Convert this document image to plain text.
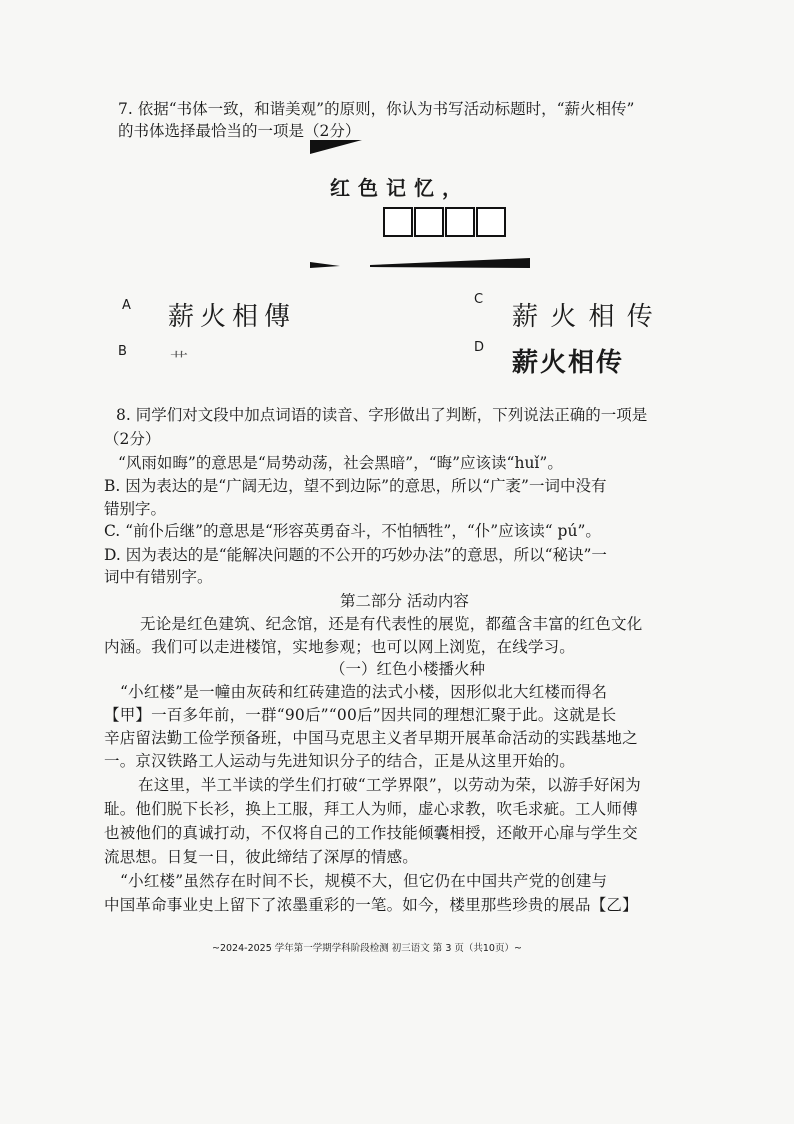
7. 依据“书体一致，和谐美观”的原则，你认为书写活动标题时，“薪火相传”
的书体选择最恰当的一项是（2分）
红色记忆，
A 薪火相傳
B 艹
C
薪 火 相 传
D
薪火相传
8. 同学们对文段中加点词语的读音、字形做出了判断，下列说法正确的一项是
（2分）
“风雨如晦”的意思是“局势动荡，社会黑暗”，“晦”应该读“huǐ”。
B. 因为表达的是“广阔无边，望不到边际”的意思，所以“广袤”一词中没有
错别字。
C. “前仆后继”的意思是“形容英勇奋斗，不怕牺牲”，“仆”应该读“ pú”。
D. 因为表达的是“能解决问题的不公开的巧妙办法”的意思，所以“秘诀”一
词中有错别字。
第二部分 活动内容
无论是红色建筑、纪念馆，还是有代表性的展览，都蕴含丰富的红色文化
内涵。我们可以走进楼馆，实地参观；也可以网上浏览，在线学习。
（一）红色小楼播火种
“小红楼”是一幢由灰砖和红砖建造的法式小楼，因形似北大红楼而得名
【甲】一百多年前，一群“90后”“00后”因共同的理想汇聚于此。这就是长
辛店留法勤工俭学预备班，中国马克思主义者早期开展革命活动的实践基地之
一。京汉铁路工人运动与先进知识分子的结合，正是从这里开始的。
在这里，半工半读的学生们打破“工学界限”，以劳动为荣，以游手好闲为
耻。他们脱下长衫，换上工服，拜工人为师，虚心求教，吹毛求疵。工人师傅
也被他们的真诚打动，不仅将自己的工作技能倾囊相授，还敞开心扉与学生交
流思想。日复一日，彼此缔结了深厚的情感。
“小红楼”虽然存在时间不长，规模不大，但它仍在中国共产党的创建与
中国革命事业史上留下了浓墨重彩的一笔。如今，楼里那些珍贵的展品【乙】
~2024-2025 学年第一学期学科阶段检测 初三语文 第 3 页（共10页）~
